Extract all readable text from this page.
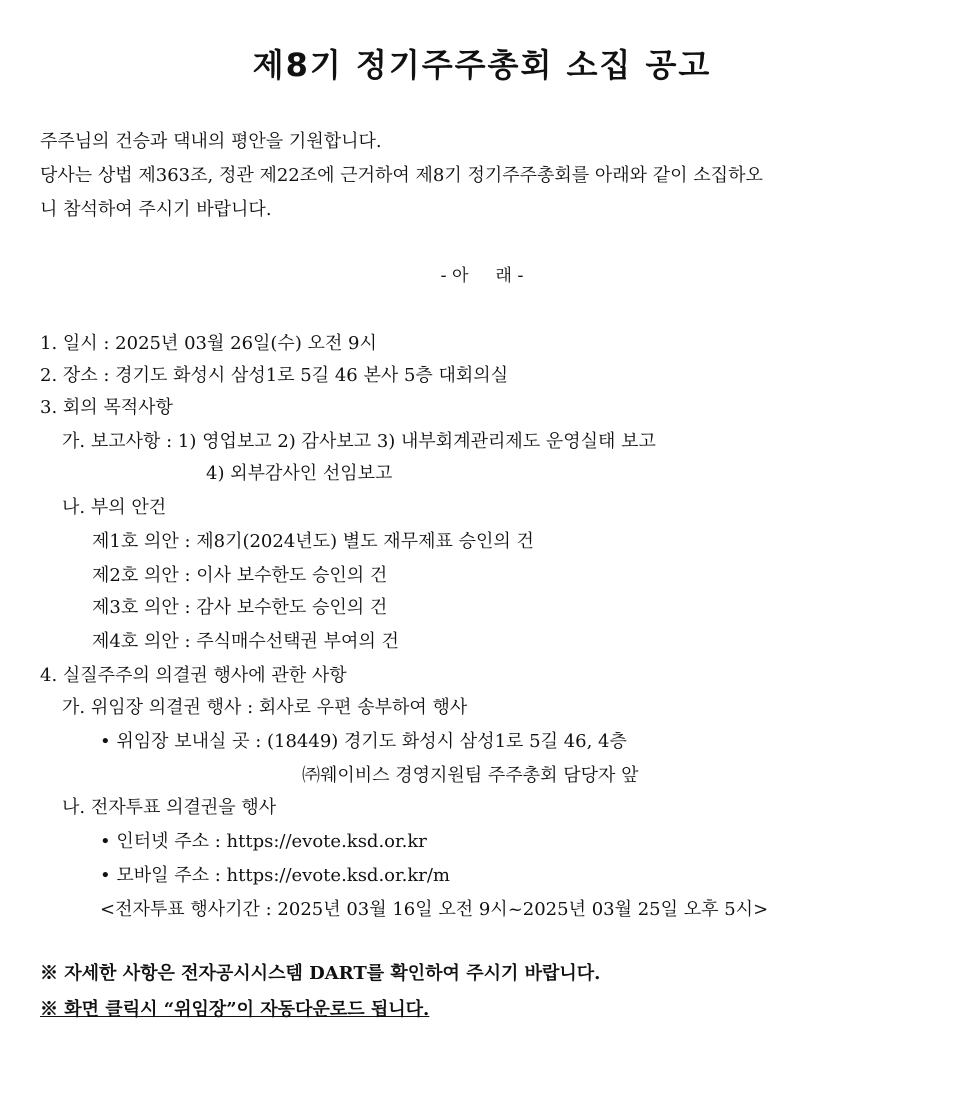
제8기 정기주주총회 소집 공고
주주님의 건승과 댁내의 평안을 기원합니다.
당사는 상법 제363조, 정관 제22조에 근거하여 제8기 정기주주총회를 아래와 같이 소집하오
니 참석하여 주시기 바랍니다.
- 아     래 -
1. 일시 : 2025년 03월 26일(수) 오전 9시
2. 장소 : 경기도 화성시 삼성1로 5길 46 본사 5층 대회의실
3. 회의 목적사항
가. 보고사항 : 1) 영업보고 2) 감사보고 3) 내부회계관리제도 운영실태 보고
4) 외부감사인 선임보고
나. 부의 안건
제1호 의안 : 제8기(2024년도) 별도 재무제표 승인의 건
제2호 의안 : 이사 보수한도 승인의 건
제3호 의안 : 감사 보수한도 승인의 건
제4호 의안 : 주식매수선택권 부여의 건
4. 실질주주의 의결권 행사에 관한 사항
가. 위임장 의결권 행사 : 회사로 우편 송부하여 행사
• 위임장 보내실 곳 : (18449) 경기도 화성시 삼성1로 5길 46, 4층
㈜웨이비스 경영지원팀 주주총회 담당자 앞
나. 전자투표 의결권을 행사
• 인터넷 주소 : https://evote.ksd.or.kr
• 모바일 주소 : https://evote.ksd.or.kr/m
<전자투표 행사기간 : 2025년 03월 16일 오전 9시~2025년 03월 25일 오후 5시>
※ 자세한 사항은 전자공시시스템 DART를 확인하여 주시기 바랍니다.
※ 화면 클릭시 “위임장”이 자동다운로드 됩니다.
